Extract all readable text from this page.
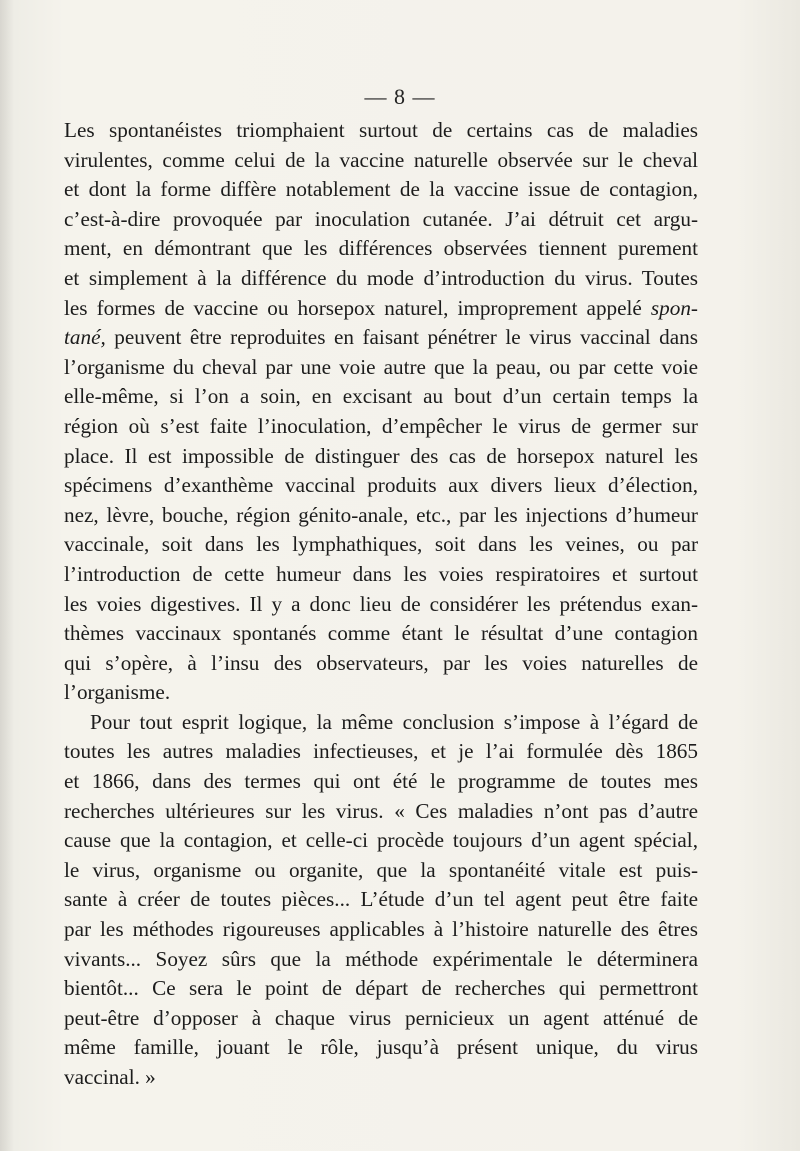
— 8 —
Les spontanéistes triomphaient surtout de certains cas de maladies
virulentes, comme celui de la vaccine naturelle observée sur le cheval
et dont la forme diffère notablement de la vaccine issue de contagion,
c’est-à-dire provoquée par inoculation cutanée. J’ai détruit cet argu-
ment, en démontrant que les différences observées tiennent purement
et simplement à la différence du mode d’introduction du virus. Toutes
les formes de vaccine ou horsepox naturel, improprement appelé spon-
tané, peuvent être reproduites en faisant pénétrer le virus vaccinal dans
l’organisme du cheval par une voie autre que la peau, ou par cette voie
elle-même, si l’on a soin, en excisant au bout d’un certain temps la
région où s’est faite l’inoculation, d’empêcher le virus de germer sur
place. Il est impossible de distinguer des cas de horsepox naturel les
spécimens d’exanthème vaccinal produits aux divers lieux d’élection,
nez, lèvre, bouche, région génito-anale, etc., par les injections d’humeur
vaccinale, soit dans les lymphathiques, soit dans les veines, ou par
l’introduction de cette humeur dans les voies respiratoires et surtout
les voies digestives. Il y a donc lieu de considérer les prétendus exan-
thèmes vaccinaux spontanés comme étant le résultat d’une contagion
qui s’opère, à l’insu des observateurs, par les voies naturelles de
l’organisme.
Pour tout esprit logique, la même conclusion s’impose à l’égard de
toutes les autres maladies infectieuses, et je l’ai formulée dès 1865
et 1866, dans des termes qui ont été le programme de toutes mes
recherches ultérieures sur les virus. « Ces maladies n’ont pas d’autre
cause que la contagion, et celle-ci procède toujours d’un agent spécial,
le virus, organisme ou organite, que la spontanéité vitale est puis-
sante à créer de toutes pièces... L’étude d’un tel agent peut être faite
par les méthodes rigoureuses applicables à l’histoire naturelle des êtres
vivants... Soyez sûrs que la méthode expérimentale le déterminera
bientôt... Ce sera le point de départ de recherches qui permettront
peut-être d’opposer à chaque virus pernicieux un agent atténué de
même famille, jouant le rôle, jusqu’à présent unique, du virus
vaccinal. »
